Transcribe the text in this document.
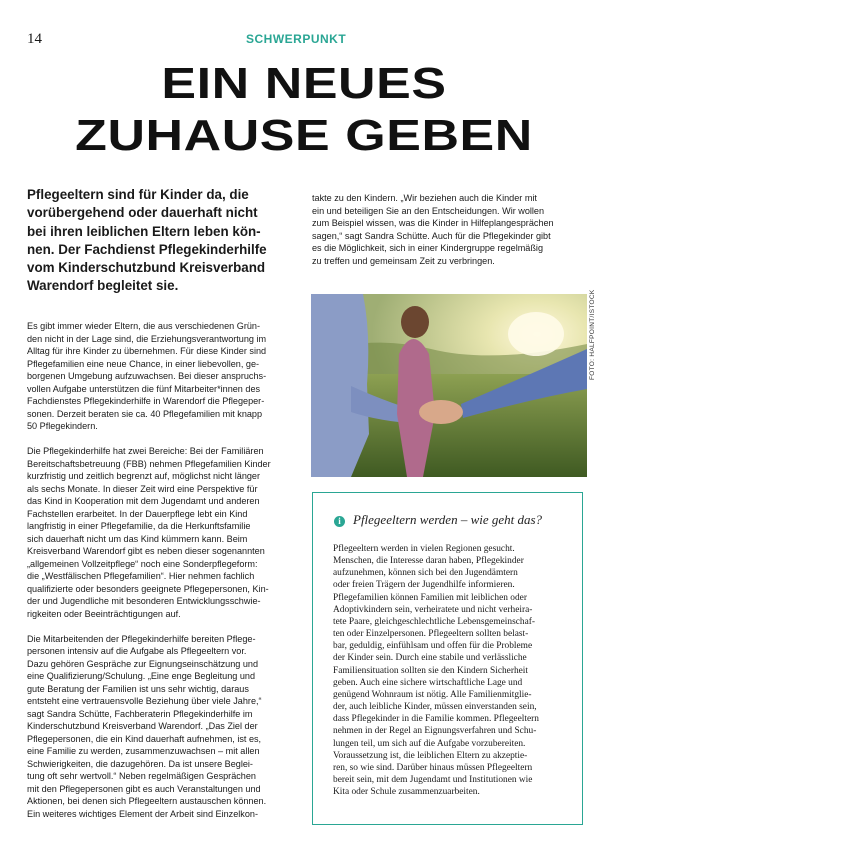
14	SCHWERPUNKT
EIN NEUES
ZUHAUSE GEBEN
Pflegeeltern sind für Kinder da, die
vorübergehend oder dauerhaft nicht
bei ihren leiblichen Eltern leben kön-
nen. Der Fachdienst Pflegekinderhilfe
vom Kinderschutzbund Kreisverband
Warendorf begleitet sie.

Es gibt immer wieder Eltern, die aus verschiedenen Grün-
den nicht in der Lage sind, die Erziehungsverantwortung im
Alltag für ihre Kinder zu übernehmen. Für diese Kinder sind
Pflegefamilien eine neue Chance, in einer liebevollen, ge-
borgenen Umgebung aufzuwachsen. Bei dieser anspruchs-
vollen Aufgabe unterstützen die fünf Mitarbeiter*innen des
Fachdienstes Pflegekinderhilfe in Warendorf die Pflegeper-
sonen. Derzeit beraten sie ca. 40 Pflegefamilien mit knapp
50 Pflegekindern.

Die Pflegekinderhilfe hat zwei Bereiche: Bei der Familiären
Bereitschaftsbetreuung (FBB) nehmen Pflegefamilien Kinder
kurzfristig und zeitlich begrenzt auf, möglichst nicht länger
als sechs Monate. In dieser Zeit wird eine Perspektive für
das Kind in Kooperation mit dem Jugendamt und anderen
Fachstellen erarbeitet. In der Dauerpflege lebt ein Kind
langfristig in einer Pflegefamilie, da die Herkunftsfamilie
sich dauerhaft nicht um das Kind kümmern kann. Beim
Kreisverband Warendorf gibt es neben dieser sogenannten
„allgemeinen Vollzeitpflege“ noch eine Sonderpflegeform:
die „Westfälischen Pflegefamilien“. Hier nehmen fachlich
qualifizierte oder besonders geeignete Pflegepersonen, Kin-
der und Jugendliche mit besonderen Entwicklungsschwie-
rigkeiten oder Beeinträchtigungen auf.

Die Mitarbeitenden der Pflegekinderhilfe bereiten Pflege-
personen intensiv auf die Aufgabe als Pflegeeltern vor.
Dazu gehören Gespräche zur Eignungseinschätzung und
eine Qualifizierung/Schulung. „Eine enge Begleitung und
gute Beratung der Familien ist uns sehr wichtig, daraus
entsteht eine vertrauensvolle Beziehung über viele Jahre,“
sagt Sandra Schütte, Fachberaterin Pflegekinderhilfe im
Kinderschutzbund Kreisverband Warendorf. „Das Ziel der
Pflegepersonen, die ein Kind dauerhaft aufnehmen, ist es,
eine Familie zu werden, zusammenzuwachsen – mit allen
Schwierigkeiten, die dazugehören. Da ist unsere Beglei-
tung oft sehr wertvoll.“ Neben regelmäßigen Gesprächen
mit den Pflegepersonen gibt es auch Veranstaltungen und
Aktionen, bei denen sich Pflegeeltern austauschen können.
Ein weiteres wichtiges Element der Arbeit sind Einzelkon-

takte zu den Kindern. „Wir beziehen auch die Kinder mit
ein und beteiligen Sie an den Entscheidungen. Wir wollen
zum Beispiel wissen, was die Kinder in Hilfeplangesprächen
sagen,“ sagt Sandra Schütte. Auch für die Pflegekinder gibt
es die Möglichkeit, sich in einer Kindergruppe regelmäßig
zu treffen und gemeinsam Zeit zu verbringen.

FOTO: HALFPOINT/ISTOCK
i Pflegeeltern werden – wie geht das?

Pflegeeltern werden in vielen Regionen gesucht.
Menschen, die Interesse daran haben, Pflegekinder
aufzunehmen, können sich bei den Jugendämtern
oder freien Trägern der Jugendhilfe informieren.
Pflegefamilien können Familien mit leiblichen oder
Adoptivkindern sein, verheiratete und nicht verheira-
tete Paare, gleichgeschlechtliche Lebensgemeinschaf-
ten oder Einzelpersonen. Pflegeeltern sollten belast-
bar, geduldig, einfühlsam und offen für die Probleme
der Kinder sein. Durch eine stabile und verlässliche
Familiensituation sollten sie den Kindern Sicherheit
geben. Auch eine sichere wirtschaftliche Lage und
genügend Wohnraum ist nötig. Alle Familienmitglie-
der, auch leibliche Kinder, müssen einverstanden sein,
dass Pflegekinder in die Familie kommen. Pflegeeltern
nehmen in der Regel an Eignungsverfahren und Schu-
lungen teil, um sich auf die Aufgabe vorzubereiten.
Voraussetzung ist, die leiblichen Eltern zu akzeptie-
ren, so wie sind. Darüber hinaus müssen Pflegeeltern
bereit sein, mit dem Jugendamt und Institutionen wie
Kita oder Schule zusammenzuarbeiten.
